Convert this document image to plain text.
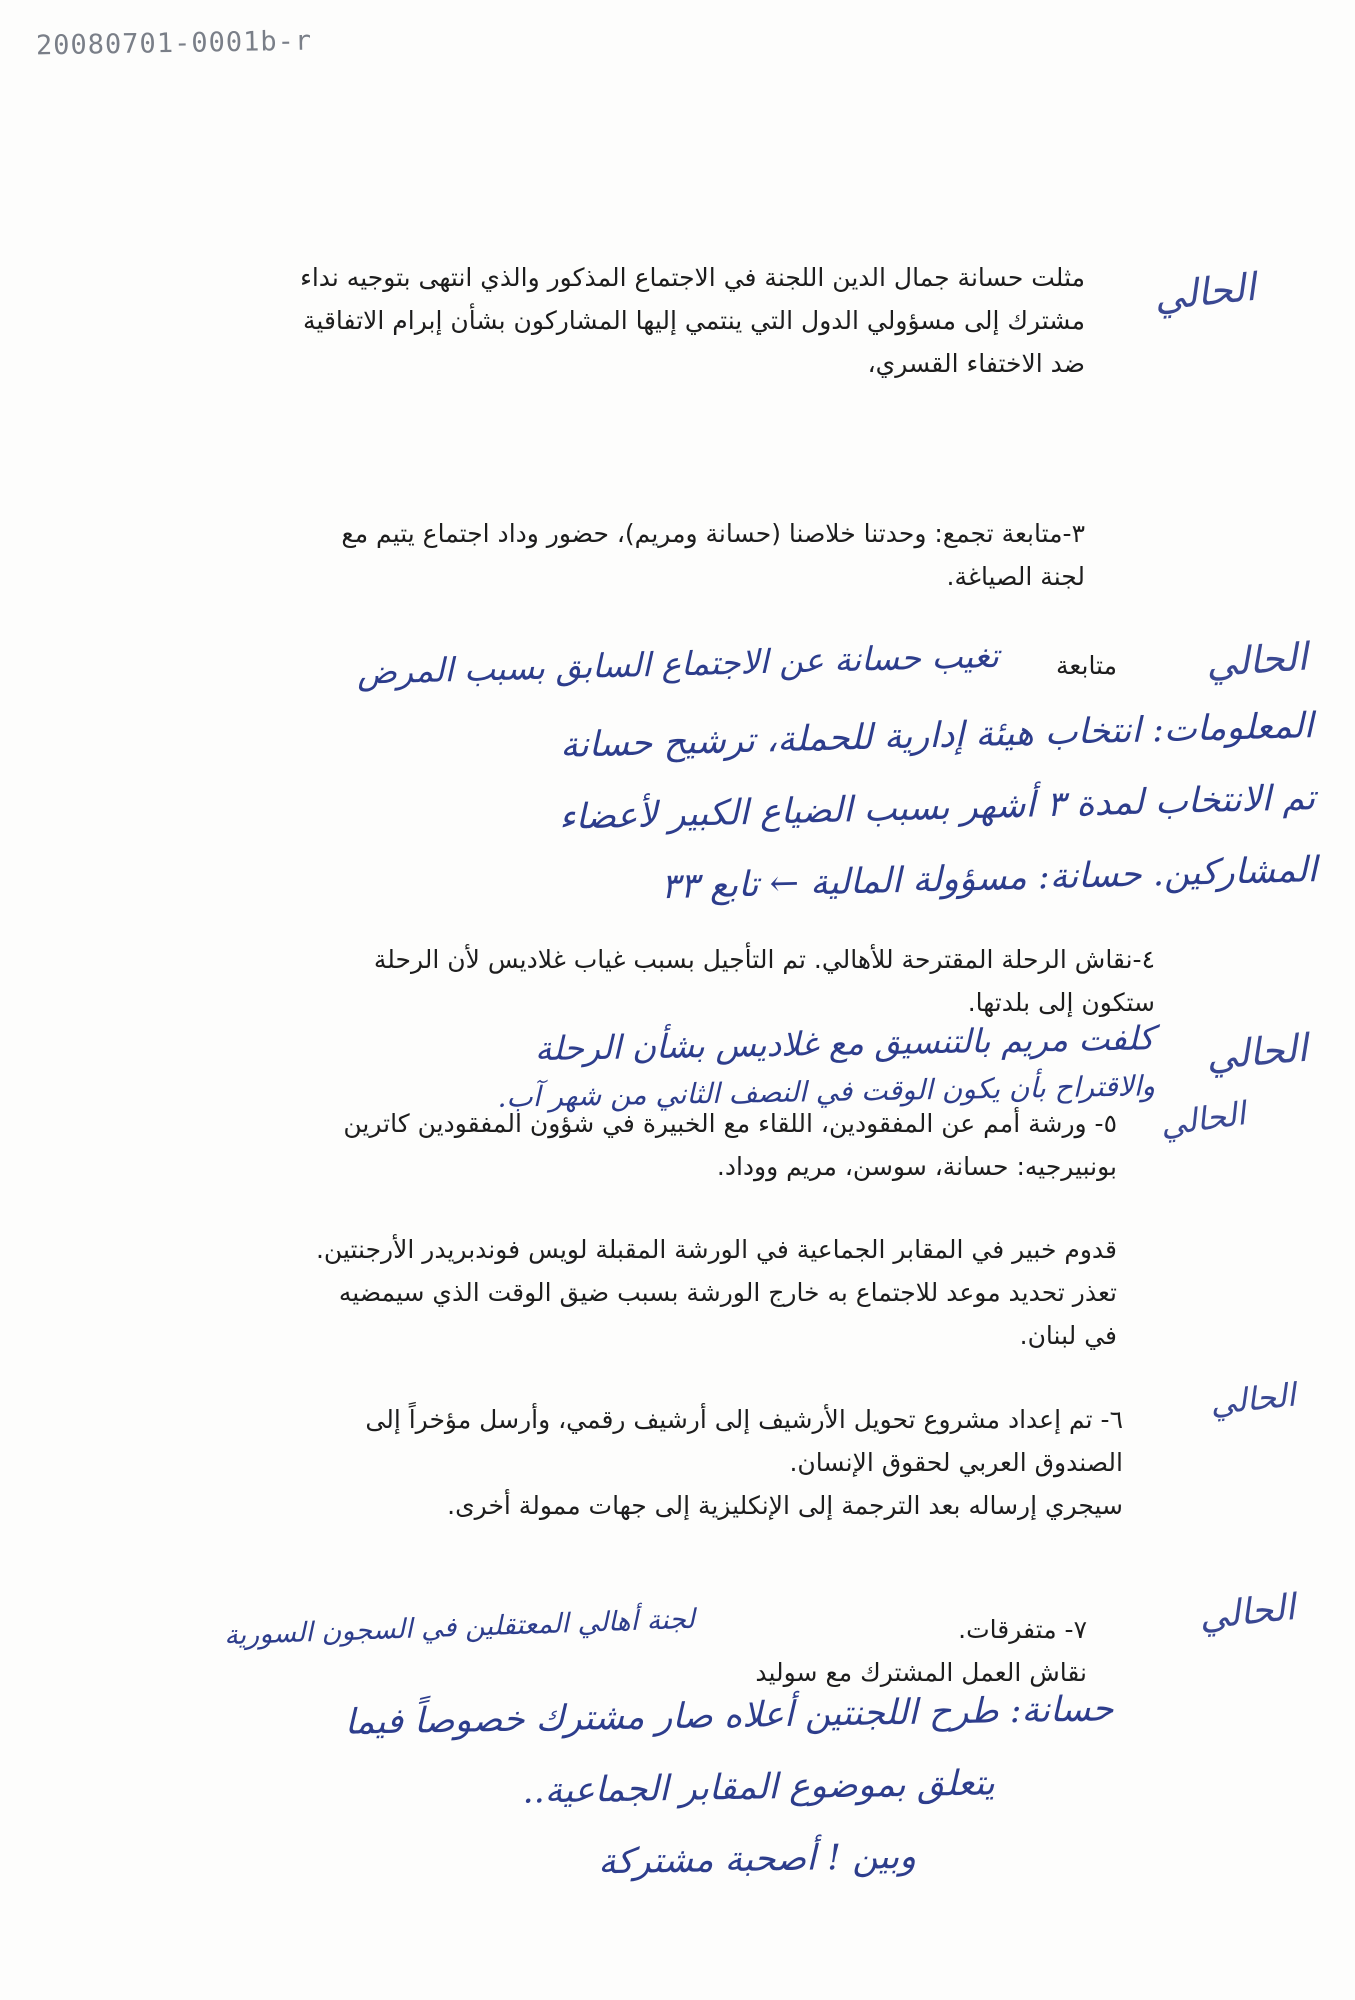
20080701-0001b-r
مثلت حسانة جمال الدين اللجنة في الاجتماع المذكور والذي انتهى بتوجيه نداء
مشترك إلى مسؤولي الدول التي ينتمي إليها المشاركون بشأن إبرام الاتفاقية
ضد الاختفاء القسري،
الحالي
٣-متابعة تجمع: وحدتنا خلاصنا (حسانة ومريم)، حضور وداد اجتماع يتيم مع
لجنة الصياغة.
متابعة الحالي
تغيب حسانة عن الاجتماع السابق بسبب المرض
المعلومات: انتخاب هيئة إدارية للحملة، ترشيح حسانة
تم الانتخاب لمدة ٣ أشهر بسبب الضياع الكبير لأعضاء
المشاركين. حسانة: مسؤولة المالية ← تابع ٣٣
٤-نقاش الرحلة المقترحة للأهالي. تم التأجيل بسبب غياب غلاديس لأن الرحلة
ستكون إلى بلدتها.
كلفت مريم بالتنسيق مع غلاديس بشأن الرحلة
والاقتراح بأن يكون الوقت في النصف الثاني من شهر آب.
الحالي
٥- ورشة أمم عن المفقودين، اللقاء مع الخبيرة في شؤون المفقودين كاترين
بونبيرجيه: حسانة، سوسن، مريم ووداد.
الحالي
قدوم خبير في المقابر الجماعية في الورشة المقبلة لويس فوندبريدر الأرجنتين.
تعذر تحديد موعد للاجتماع به خارج الورشة بسبب ضيق الوقت الذي سيمضيه
في لبنان.
٦- تم إعداد مشروع تحويل الأرشيف إلى أرشيف رقمي، وأرسل مؤخراً إلى
الصندوق العربي لحقوق الإنسان.
سيجري إرساله بعد الترجمة إلى الإنكليزية إلى جهات ممولة أخرى.
الحالي
٧- متفرقات.
نقاش العمل المشترك مع سوليد
الحالي
لجنة أهالي المعتقلين في السجون السورية
حسانة: طرح اللجنتين أعلاه صار مشترك خصوصاً فيما
يتعلق بموضوع المقابر الجماعية..
وبين ! أصحبة مشتركة
